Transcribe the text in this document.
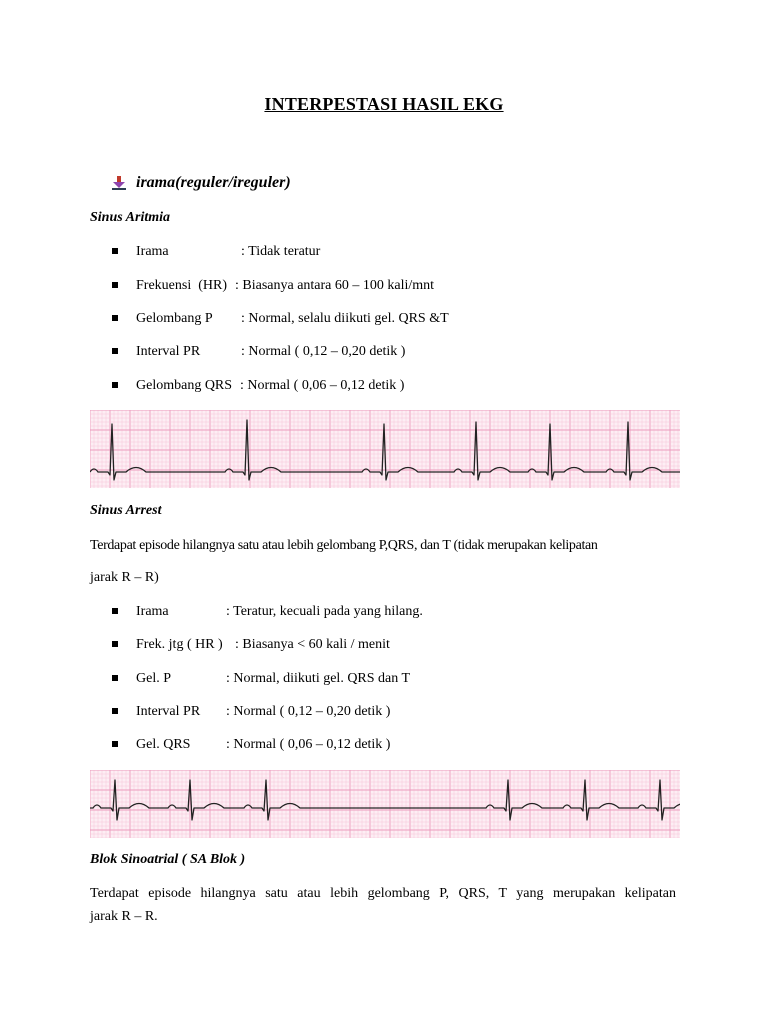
INTERPESTASI HASIL EKG
irama(reguler/ireguler)
Sinus Aritmia
Irama	: Tidak teratur
Frekuensi  (HR) : Biasanya antara 60 – 100 kali/mnt
Gelombang P : Normal, selalu diikuti gel. QRS &T
Interval PR	: Normal ( 0,12 – 0,20 detik )
Gelombang QRS : Normal ( 0,06 – 0,12 detik )
Sinus Arrest
Terdapat episode hilangnya satu atau lebih gelombang P,QRS, dan T (tidak merupakan kelipatan
jarak R – R)
Irama	: Teratur, kecuali pada yang hilang.
Frek. jtg ( HR ) : Biasanya < 60 kali / menit
Gel. P	: Normal, diikuti gel. QRS dan T
Interval PR : Normal ( 0,12 – 0,20 detik )
Gel. QRS	: Normal ( 0,06 – 0,12 detik )
Blok Sinoatrial ( SA Blok )
Terdapat episode hilangnya satu atau lebih gelombang P, QRS, T yang merupakan kelipatan
jarak R – R.
